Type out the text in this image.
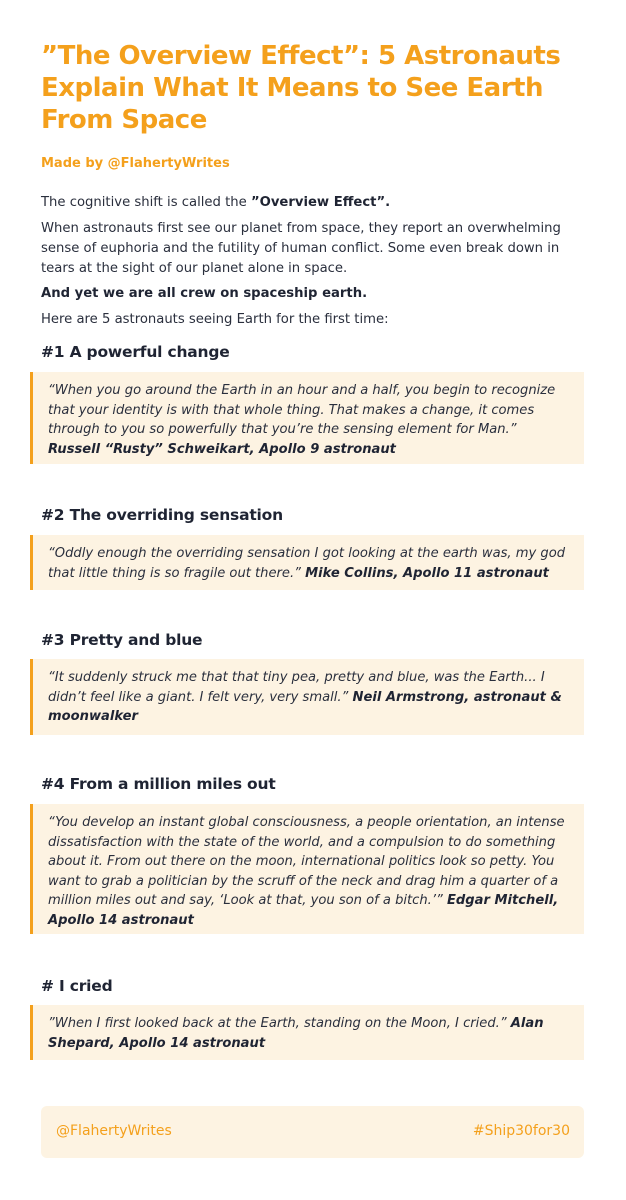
”The Overview Effect”: 5 Astronauts Explain What It Means to See Earth From Space

Made by @FlahertyWrites

The cognitive shift is called the ”Overview Effect”.

When astronauts first see our planet from space, they report an overwhelming sense of euphoria and the futility of human conflict. Some even break down in tears at the sight of our planet alone in space.

And yet we are all crew on spaceship earth.

Here are 5 astronauts seeing Earth for the first time:

#1 A powerful change
“When you go around the Earth in an hour and a half, you begin to recognize that your identity is with that whole thing. That makes a change, it comes through to you so powerfully that you’re the sensing element for Man.” Russell “Rusty” Schweikart, Apollo 9 astronaut
#2 The overriding sensation
“Oddly enough the overriding sensation I got looking at the earth was, my god that little thing is so fragile out there.” Mike Collins, Apollo 11 astronaut
#3 Pretty and blue
“It suddenly struck me that that tiny pea, pretty and blue, was the Earth... I didn’t feel like a giant. I felt very, very small.” Neil Armstrong, astronaut & moonwalker
#4 From a million miles out
“You develop an instant global consciousness, a people orientation, an intense dissatisfaction with the state of the world, and a compulsion to do something about it. From out there on the moon, international politics look so petty. You want to grab a politician by the scruff of the neck and drag him a quarter of a million miles out and say, ‘Look at that, you son of a bitch.’” Edgar Mitchell, Apollo 14 astronaut
# I cried
”When I first looked back at the Earth, standing on the Moon, I cried.” Alan Shepard, Apollo 14 astronaut
@FlahertyWrites	#Ship30for30
